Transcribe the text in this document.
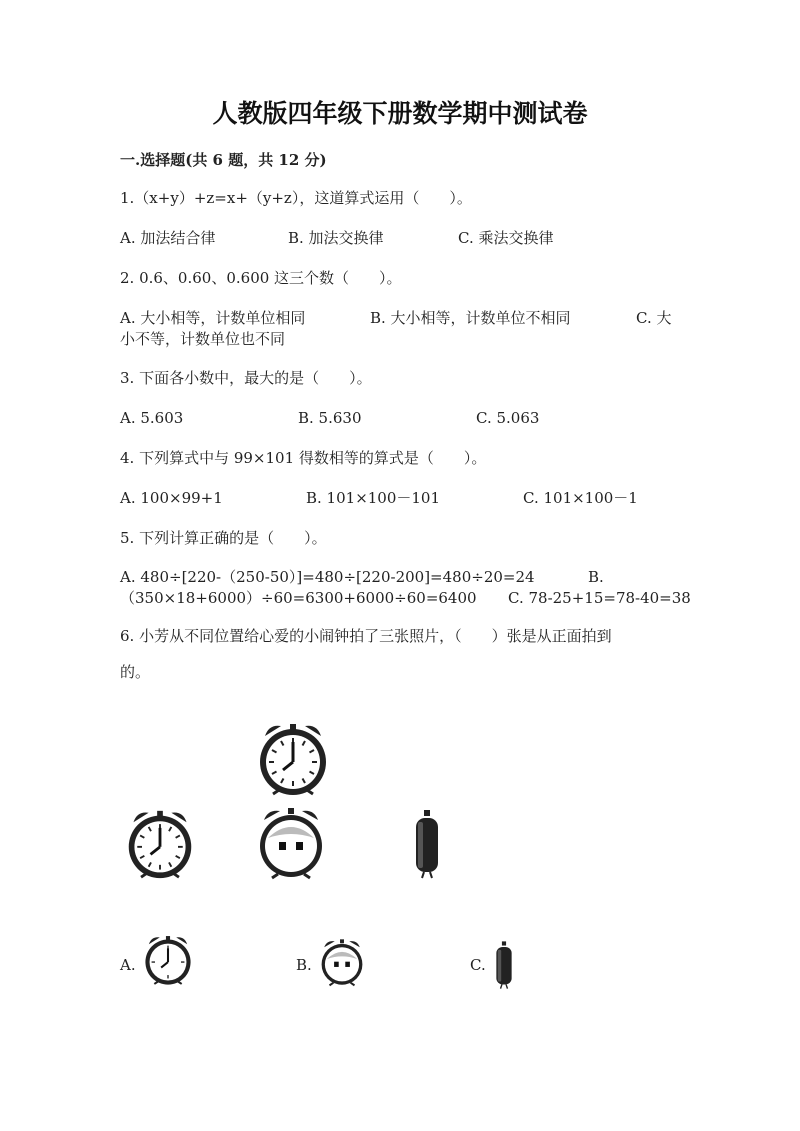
人教版四年级下册数学期中测试卷
一.选择题(共 6 题，共 12 分)
1.（x+y）+z=x+（y+z），这道算式运用（　　）。
A. 加法结合律	B. 加法交换律	C. 乘法交换律
2. 0.6、0.60、0.600 这三个数（　　）。
A. 大小相等，计数单位相同	B. 大小相等，计数单位不相同	C. 大
小不等，计数单位也不同
3. 下面各小数中，最大的是（　　）。
A. 5.603	B. 5.630	C. 5.063
4. 下列算式中与 99×101 得数相等的算式是（　　）。
A. 100×99+1	B. 101×100－101	C. 101×100－1
5. 下列计算正确的是（　　）。
A. 480÷[220-（250-50）]=480÷[220-200]=480÷20=24	B.
（350×18+6000）÷60=6300+6000÷60=6400 C. 78-25+15=78-40=38
6. 小芳从不同位置给心爱的小闹钟拍了三张照片，（　　）张是从正面拍到
的。
A.	B.	C.
